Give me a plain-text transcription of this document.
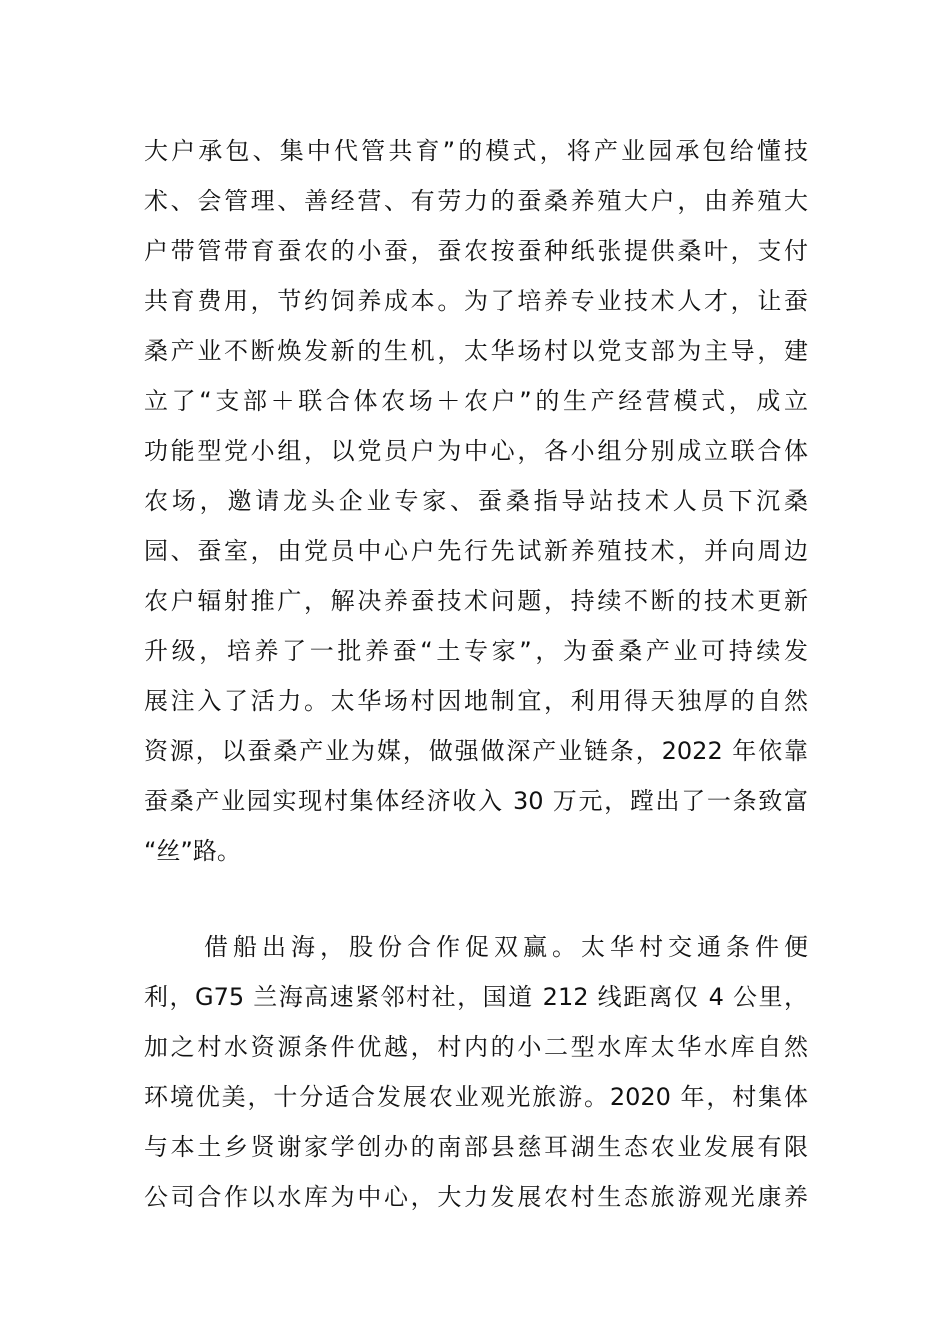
大户承包、集中代管共育”的模式，将产业园承包给懂技
术、会管理、善经营、有劳力的蚕桑养殖大户，由养殖大
户带管带育蚕农的小蚕，蚕农按蚕种纸张提供桑叶，支付
共育费用，节约饲养成本。为了培养专业技术人才，让蚕
桑产业不断焕发新的生机，太华场村以党支部为主导，建
立了“支部＋联合体农场＋农户”的生产经营模式，成立
功能型党小组，以党员户为中心，各小组分别成立联合体
农场，邀请龙头企业专家、蚕桑指导站技术人员下沉桑
园、蚕室，由党员中心户先行先试新养殖技术，并向周边
农户辐射推广，解决养蚕技术问题，持续不断的技术更新
升级，培养了一批养蚕“土专家”，为蚕桑产业可持续发
展注入了活力。太华场村因地制宜，利用得天独厚的自然
资源，以蚕桑产业为媒，做强做深产业链条，2022 年依靠
蚕桑产业园实现村集体经济收入 30 万元，蹚出了一条致富
“丝”路。
借船出海，股份合作促双赢。太华村交通条件便
利，G75 兰海高速紧邻村社，国道 212 线距离仅 4 公里，
加之村水资源条件优越，村内的小二型水库太华水库自然
环境优美，十分适合发展农业观光旅游。2020 年，村集体
与本土乡贤谢家学创办的南部县慈耳湖生态农业发展有限
公司合作以水库为中心，大力发展农村生态旅游观光康养
